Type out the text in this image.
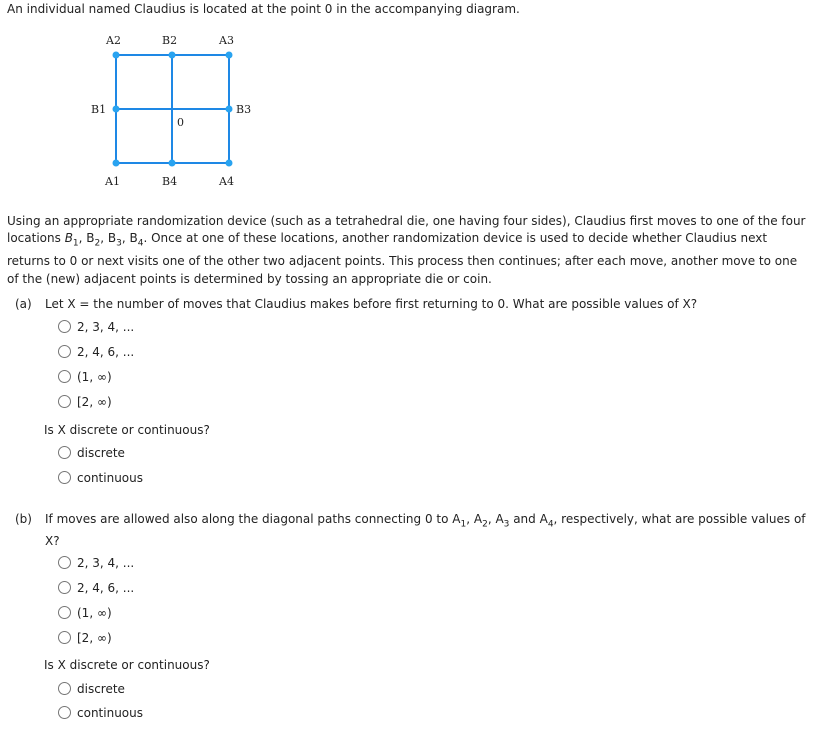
An individual named Claudius is located at the point 0 in the accompanying diagram.
A2	B2	A3
B1
0
B3
A1	B4	A4
Using an appropriate randomization device (such as a tetrahedral die, one having four sides), Claudius first moves to one of the four
locations $B_1$, $B_2$, $B_3$, $B_4$. Once at one of these locations, another randomization device is used to decide whether Claudius next
returns to 0 or next visits one of the other two adjacent points. This process then continues; after each move, another move to one
of the (new) adjacent points is determined by tossing an appropriate die or coin.
(a) Let X = the number of moves that Claudius makes before first returning to 0. What are possible values of X?
2, 3, 4, ...
2, 4, 6, ...
(1, ∞)
[2, ∞)
Is X discrete or continuous?
discrete
continuous
(b) If moves are allowed also along the diagonal paths connecting 0 to $A_1$, $A_2$, $A_3$ and $A_4$, respectively, what are possible values of
X?
2, 3, 4, ...
2, 4, 6, ...
(1, ∞)
[2, ∞)
Is X discrete or continuous?
discrete
continuous
